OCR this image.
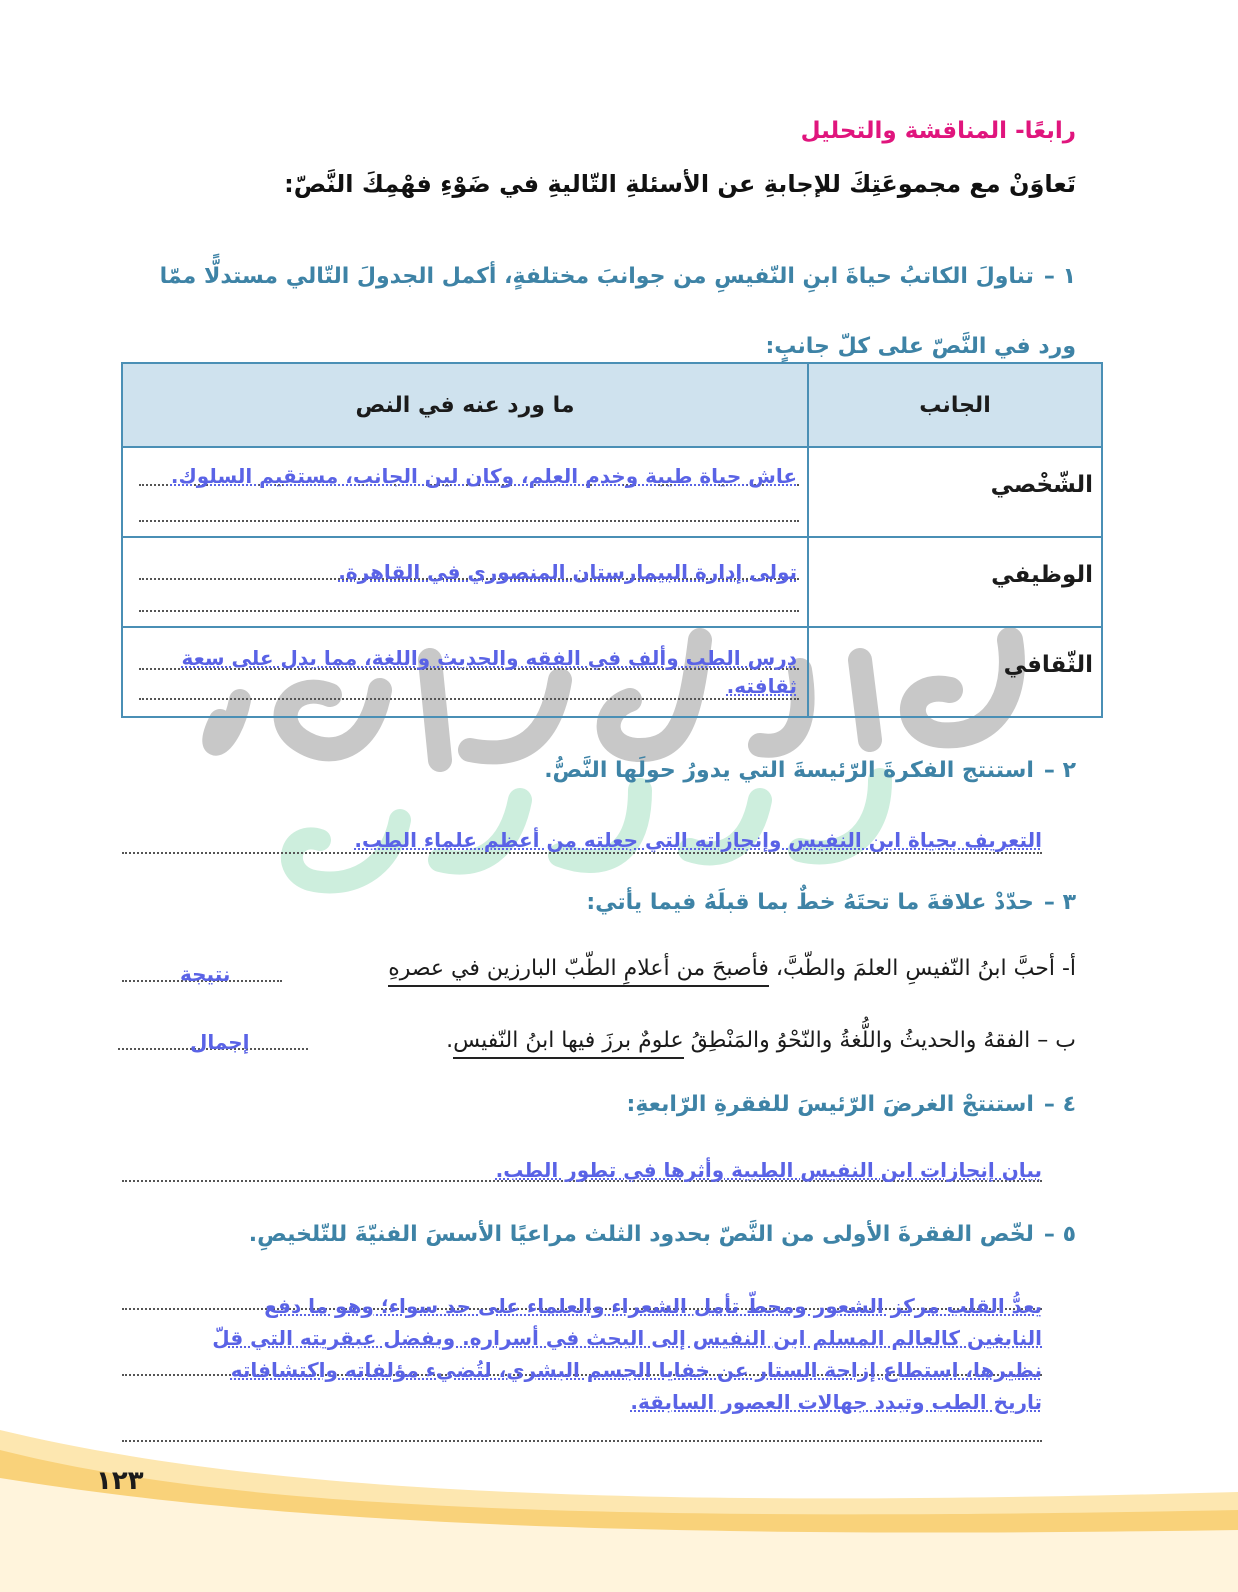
رابعًا- المناقشة والتحليل
تَعاوَنْ مع مجموعَتِكَ للإجابةِ عن الأسئلةِ التّاليةِ في ضَوْءِ فهْمِكَ النَّصّ:
١ –تناولَ الكاتبُ حياةَ ابنِ النّفيسِ من جوانبَ مختلفةٍ، أكمل الجدولَ التّالي مستدلًّا ممّا ورد في النَّصّ على كلّ جانبٍ:
الجانب	ما ورد عنه في النص
الشّخْصي	عاش حياة طيبة وخدم العلم، وكان لين الجانب، مستقيم السلوك.

الوظيفي	تولى إدارة البيمارستان المنصوري في القاهرة.

الثّقافي	درس الطب وألف في الفقه والحديث واللغة، مما يدل على سعة ثقافته.
٢ –استنتج الفكرةَ الرّئيسةَ التي يدورُ حولَها النَّصُّ.
التعريف بحياة ابن النفيس وإنجازاته التي جعلته من أعظم علماء الطب.
٣ –حدّدْ علاقةَ ما تحتَهُ خطٌ بما قبلَهُ فيما يأتي:
أ- أحبَّ ابنُ النّفيسِ العلمَ والطّبَّ، فأصبحَ من أعلامِ الطّبّ البارزين في عصرهِ
نتيجة
ب – الفقهُ والحديثُ واللُّغةُ والنّحْوُ والمَنْطِقُ علومٌ برزَ فيها ابنُ النّفيس.
إجمال
٤ –استنتجْ الغرضَ الرّئيسَ للفقرةِ الرّابعةِ:
بيان إنجازات ابن النفيس الطبية وأثرها في تطور الطب.
٥ –لخّص الفقرةَ الأولى من النَّصّ بحدود الثلث مراعيًا الأسسَ الفنيّةَ للتّلخيصِ.
يعدُّ القلب مركز الشعور ومحطّ تأمل الشعراء والعلماء على حد سواء؛ وهو ما دفع النابغين كالعالم المسلم ابن النفيس إلى البحث في أسراره. وبفضل عبقريته التي قلّ نظيرها، استطاع إزاحة الستار عن خفايا الجسم البشري، لتُضيء مؤلفاته واكتشافاته تاريخ الطب وتبدد جهالات العصور السابقة.
١٢٣
